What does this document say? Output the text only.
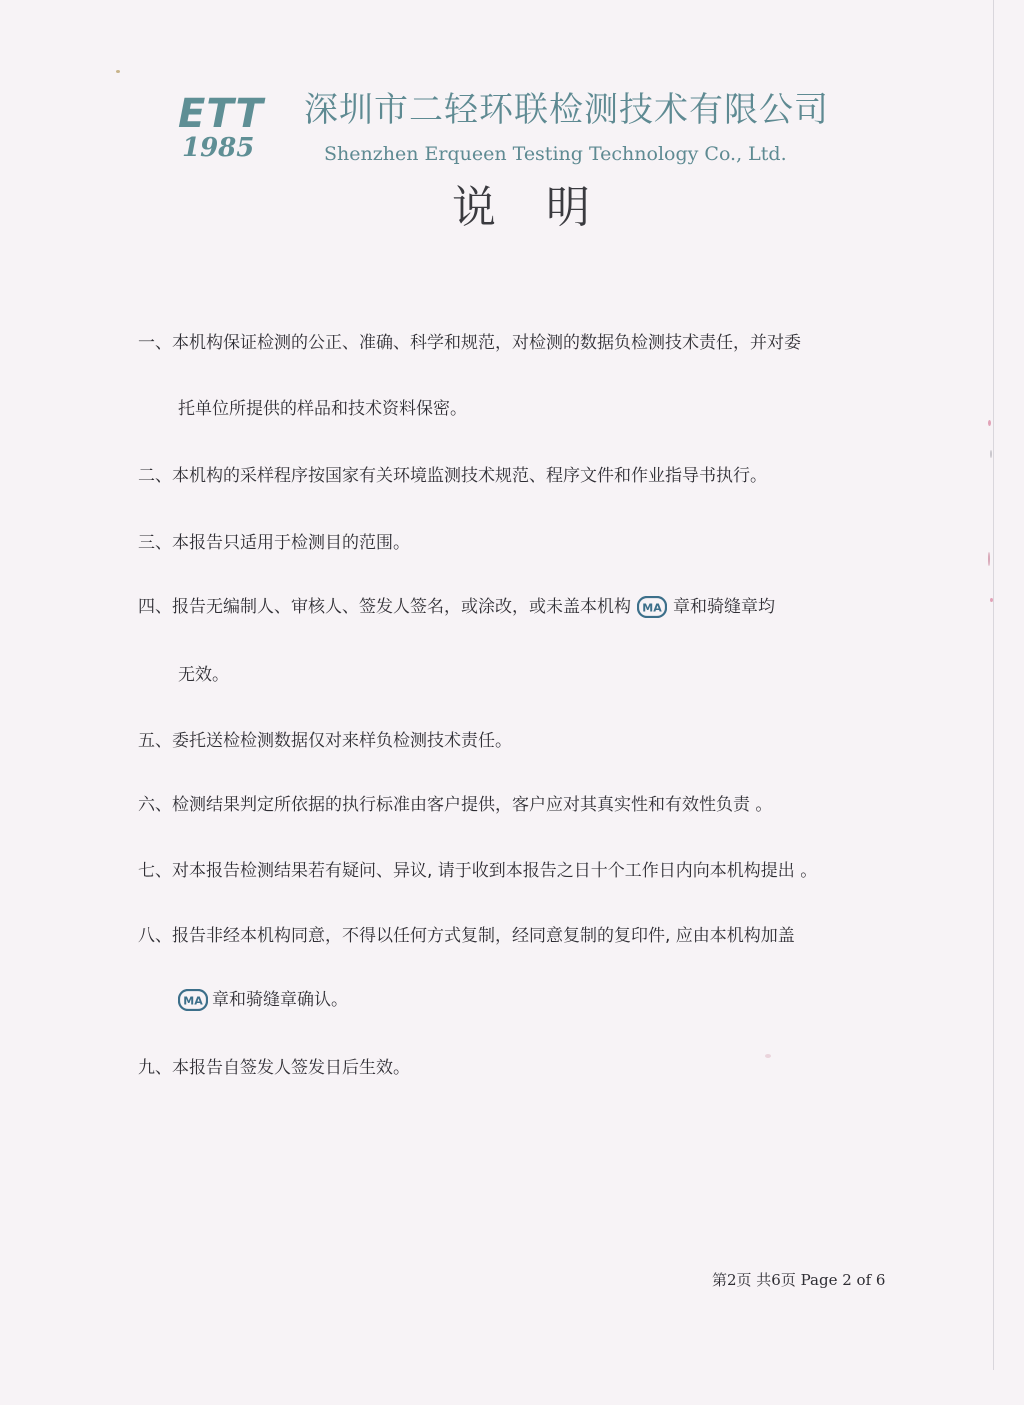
ETT
1985
深圳市二轻环联检测技术有限公司
Shenzhen Erqueen Testing Technology Co., Ltd.
说 明
一、本机构保证检测的公正、准确、科学和规范，对检测的数据负检测技术责任，并对委
托单位所提供的样品和技术资料保密。
二、本机构的采样程序按国家有关环境监测技术规范、程序文件和作业指导书执行。
三、本报告只适用于检测目的范围。
四、报告无编制人、审核人、签发人签名，或涂改，或未盖本机构 MA 章和骑缝章均
无效。
五、委托送检检测数据仅对来样负检测技术责任。
六、检测结果判定所依据的执行标准由客户提供，客户应对其真实性和有效性负责 。
七、对本报告检测结果若有疑问、异议, 请于收到本报告之日十个工作日内向本机构提出 。
八、报告非经本机构同意，不得以任何方式复制，经同意复制的复印件, 应由本机构加盖
MA 章和骑缝章确认。
九、本报告自签发人签发日后生效。
第2页 共6页 Page 2 of 6
